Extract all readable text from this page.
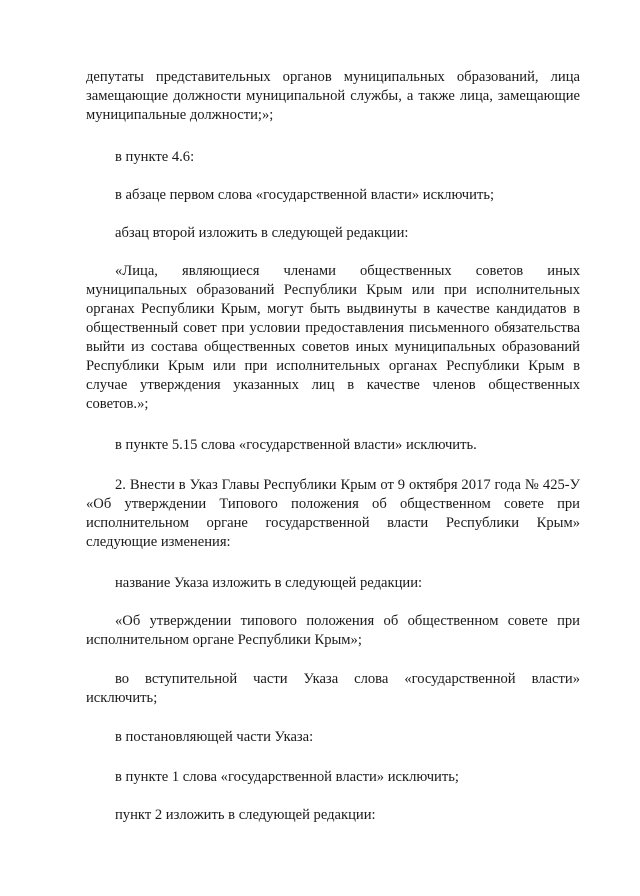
депутаты представительных органов муниципальных образований, лица замещающие должности муниципальной службы, а также лица, замещающие муниципальные должности;»;

в пункте 4.6:

в абзаце первом слова «государственной власти» исключить;

абзац второй изложить в следующей редакции:

«Лица, являющиеся членами общественных советов иных муниципальных образований Республики Крым или при исполнительных органах Республики Крым, могут быть выдвинуты в качестве кандидатов в общественный совет при условии предоставления письменного обязательства выйти из состава общественных советов иных муниципальных образований Республики Крым или при исполнительных органах Республики Крым в случае утверждения указанных лиц в качестве членов общественных советов.»;

в пункте 5.15 слова «государственной власти» исключить.

2. Внести в Указ Главы Республики Крым от 9 октября 2017 года № 425-У «Об утверждении Типового положения об общественном совете при исполнительном органе государственной власти Республики Крым» следующие изменения:

название Указа изложить в следующей редакции:

«Об утверждении типового положения об общественном совете при исполнительном органе Республики Крым»;

во вступительной части Указа слова «государственной власти» исключить;

в постановляющей части Указа:

в пункте 1 слова «государственной власти» исключить;

пункт 2 изложить в следующей редакции:
